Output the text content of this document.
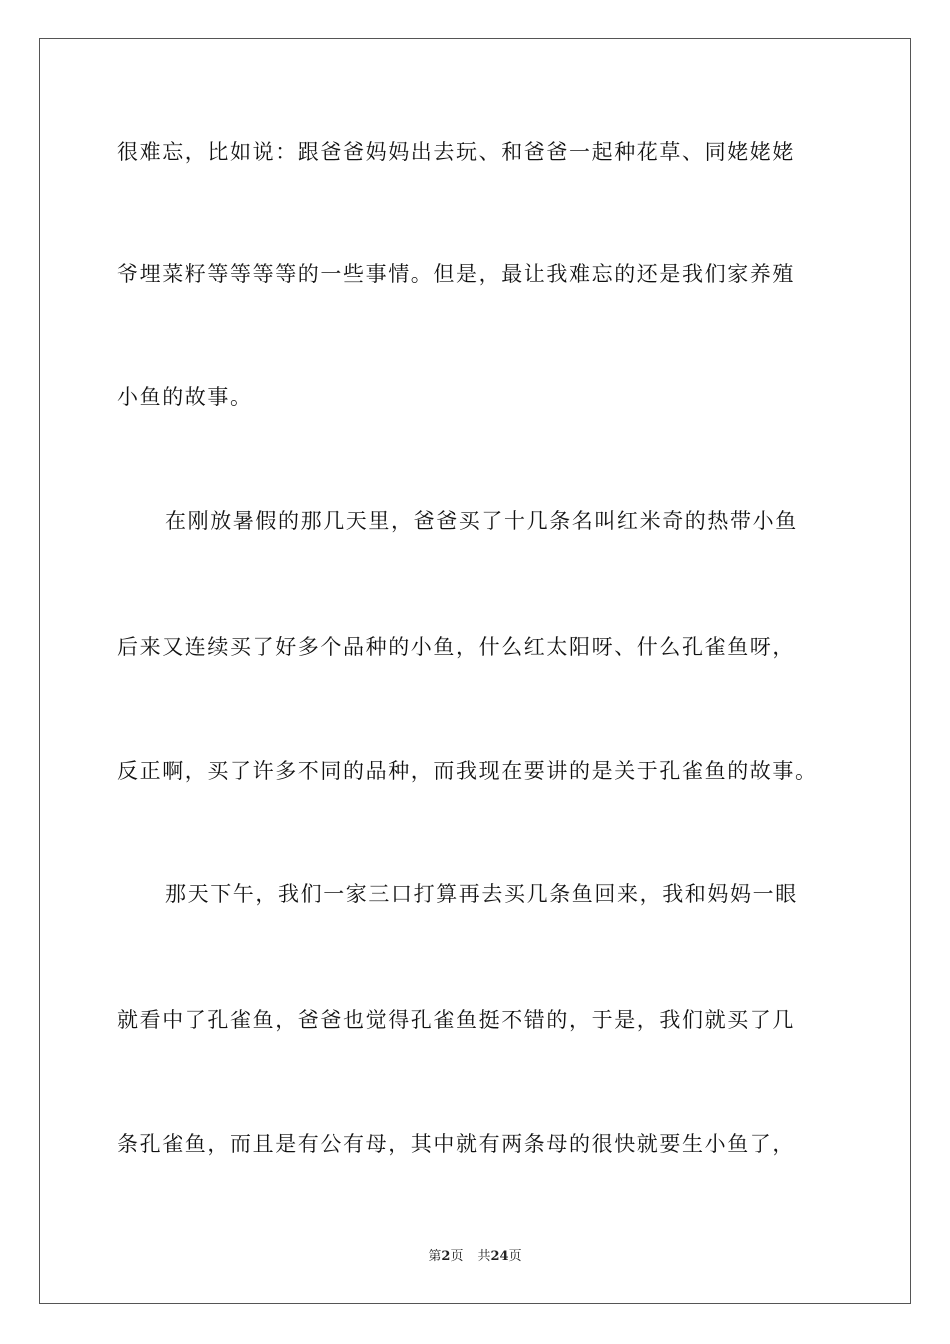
很难忘，比如说：跟爸爸妈妈出去玩、和爸爸一起种花草、同姥姥姥
爷埋菜籽等等等等的一些事情。但是，最让我难忘的还是我们家养殖
小鱼的故事。
在刚放暑假的那几天里，爸爸买了十几条名叫红米奇的热带小鱼
后来又连续买了好多个品种的小鱼，什么红太阳呀、什么孔雀鱼呀，
反正啊，买了许多不同的品种，而我现在要讲的是关于孔雀鱼的故事。
那天下午，我们一家三口打算再去买几条鱼回来，我和妈妈一眼
就看中了孔雀鱼，爸爸也觉得孔雀鱼挺不错的，于是，我们就买了几
条孔雀鱼，而且是有公有母，其中就有两条母的很快就要生小鱼了，
第2页 共24页
